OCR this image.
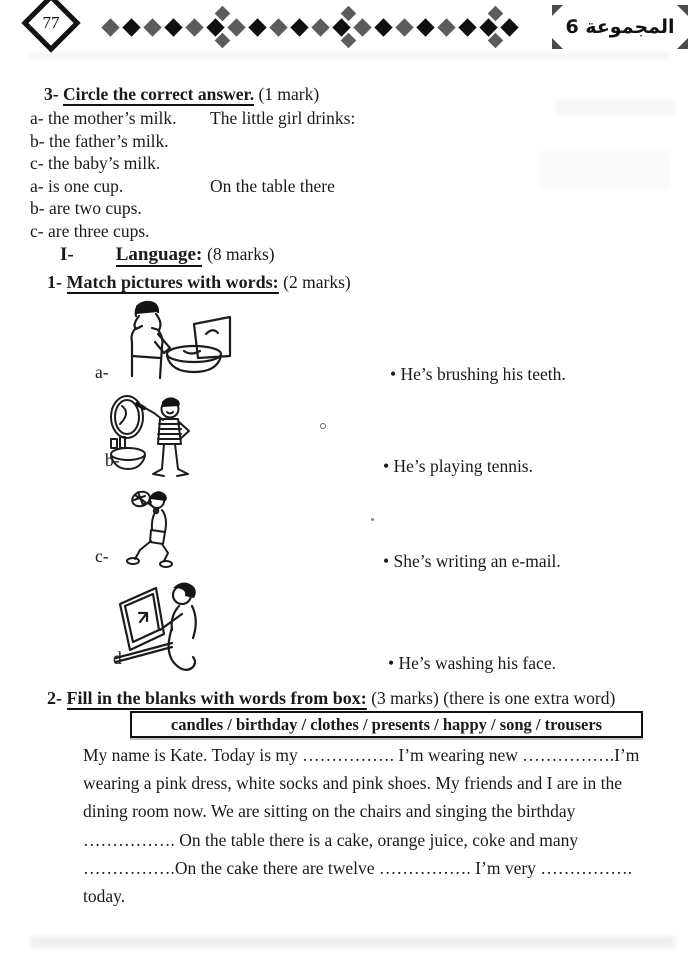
77	المجموعة 6
3- Circle the correct answer. (1 mark)
a- the mother’s milk.	The little girl drinks:
b- the father’s milk.
c- the baby’s milk.
a- is one cup.	On the table there
b- are two cups.
c- are three cups.
I- Language: (8 marks)
1- Match pictures with words: (2 marks)
a-	• He’s brushing his teeth.
b-	• He’s playing tennis.
c-	• She’s writing an e-mail.
d-	• He’s washing his face.
2- Fill in the blanks with words from box: (3 marks) (there is one extra word)
candles / birthday / clothes / presents / happy / song / trousers
My name is Kate. Today is my ……………. I’m wearing new …………….I’m
wearing a pink dress, white socks and pink shoes. My friends and I are in the
dining room now. We are sitting on the chairs and singing the birthday
……………. On the table there is a cake, orange juice, coke and many
…………….On the cake there are twelve ……………. I’m very …………….
today.
